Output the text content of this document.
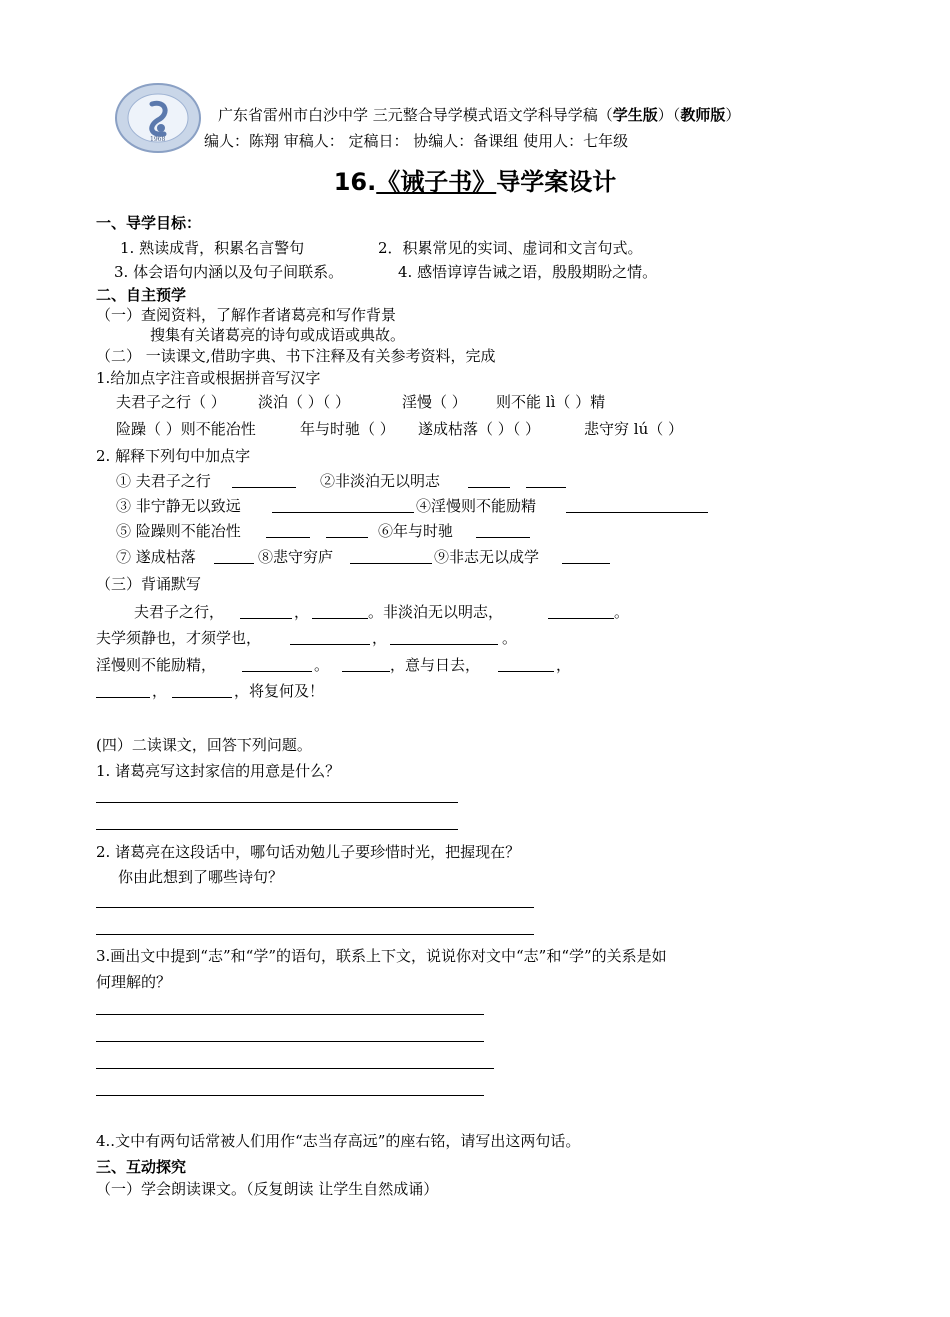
1968
广东省雷州市白沙中学 三元整合导学模式语文学科导学稿（学生版）（教师版）
编人：陈翔 审稿人： 定稿日： 协编人：备课组 使用人：七年级
16.《诫子书》导学案设计
一、导学目标：
1. 熟读成背，积累名言警句	2．积累常见的实词、虚词和文言句式。
3. 体会语句内涵以及句子间联系。	4. 感悟谆谆告诫之语，殷殷期盼之情。
二、自主预学
（一）查阅资料，了解作者诸葛亮和写作背景
搜集有关诸葛亮的诗句或成语或典故。
（二） 一读课文,借助字典、书下注释及有关参考资料，完成
1.给加点字注音或根据拼音写汉字
夫君子之行（ ） 淡泊（ ）（ ）	淫慢（ ） 则不能 lì（ ）精
险躁（ ）则不能冶性	年与时驰（ ） 遂成枯落（ ）（ ）	悲守穷 lú（ ）
2. 解释下列句中加点字
① 夫君子之行	②非淡泊无以明志
③ 非宁静无以致远	④淫慢则不能励精
⑤ 险躁则不能冶性	⑥年与时驰
⑦ 遂成枯落	⑧悲守穷庐	⑨非志无以成学
（三）背诵默写
夫君子之行，	，	。非淡泊无以明志，	。
夫学须静也，才须学也，	，	。
淫慢则不能励精，	。	，意与日去，	，
，	，将复何及！
(四）二读课文，回答下列问题。
1. 诸葛亮写这封家信的用意是什么？
2. 诸葛亮在这段话中，哪句话劝勉儿子要珍惜时光，把握现在？
你由此想到了哪些诗句？
3.画出文中提到“志”和“学”的语句，联系上下文，说说你对文中“志”和“学”的关系是如
何理解的？
4..文中有两句话常被人们用作“志当存高远”的座右铭，请写出这两句话。
三、互动探究
（一）学会朗读课文。（反复朗读 让学生自然成诵）
